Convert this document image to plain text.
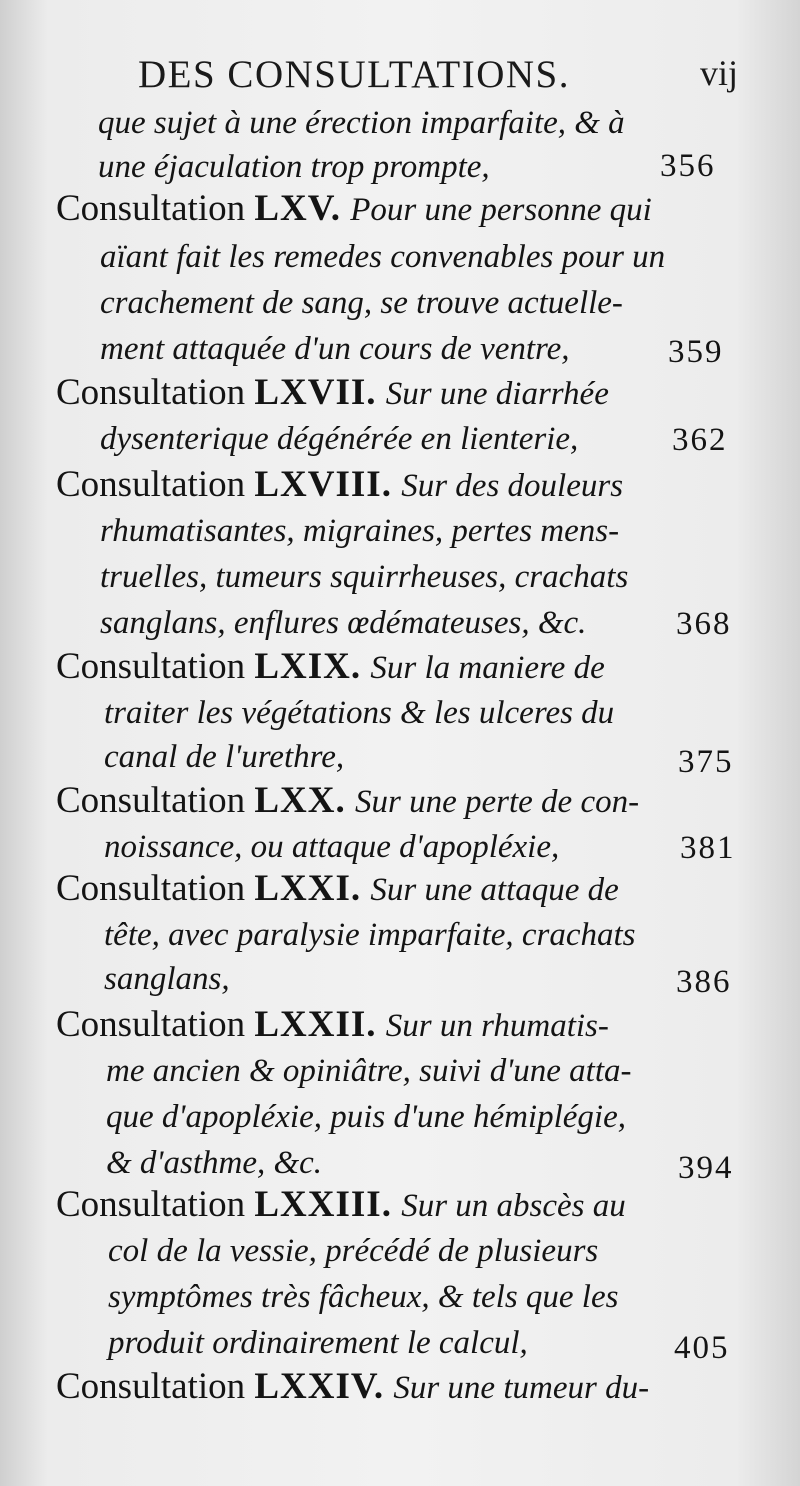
DES CONSULTATIONS.	vij
que sujet à une érection imparfaite, & à
une éjaculation trop prompte,	356
Consultation LXV. Pour une personne qui
aïant fait les remedes convenables pour un
crachement de sang, se trouve actuelle-
ment attaquée d'un cours de ventre,	359
Consultation LXVII. Sur une diarrhée
dysenterique dégénérée en lienterie,	362
Consultation LXVIII. Sur des douleurs
rhumatisantes, migraines, pertes mens-
truelles, tumeurs squirrheuses, crachats
sanglans, enflures œdémateuses, &c.	368
Consultation LXIX. Sur la maniere de
traiter les végétations & les ulceres du
canal de l'urethre,	375
Consultation LXX. Sur une perte de con-
noissance, ou attaque d'apopléxie,	381
Consultation LXXI. Sur une attaque de
tête, avec paralysie imparfaite, crachats
sanglans,	386
Consultation LXXII. Sur un rhumatis-
me ancien & opiniâtre, suivi d'une atta-
que d'apopléxie, puis d'une hémiplégie,
& d'asthme, &c.	394
Consultation LXXIII. Sur un abscès au
col de la vessie, précédé de plusieurs
symptômes très fâcheux, & tels que les
produit ordinairement le calcul,	405
Consultation LXXIV. Sur une tumeur du-
